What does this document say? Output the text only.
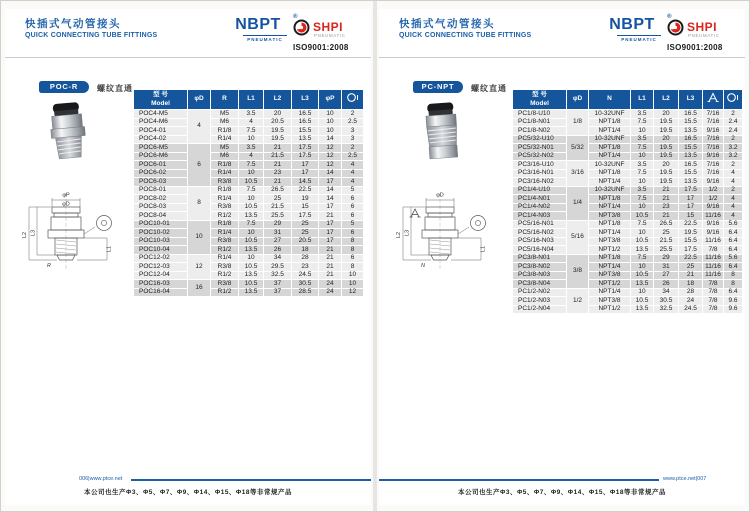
快插式气动管接头
QUICK CONNECTING TUBE FITTINGS
NBPT ®
PNEUMATIC
SHPI
PNEUMATIC
ISO9001:2008
POC-R	螺纹直通
φP
φD
L2 L3
L1
R
型 号
Model	φD	R	L1	L2	L3	φP	
POC4-M5	4	M5	3.5	20	16.5	10	2
POC4-M6		M6	4	20.5	16.5	10	2.5
POC4-01		R1/8	7.5	19.5	15.5	10	3
POC4-02		R1/4	10	19.5	13.5	14	3
POC6-M5	6	M5	3.5	21	17.5	12	2
POC6-M6		M6	4	21.5	17.5	12	2.5
POC6-01		R1/8	7.5	21	17	12	4
POC6-02		R1/4	10	23	17	14	4
POC6-03		R3/8	10.5	21	14.5	17	4
POC8-01	8	R1/8	7.5	26.5	22.5	14	5
POC8-02		R1/4	10	25	19	14	6
POC8-03		R3/8	10.5	21.5	15	17	6
POC8-04		R1/2	13.5	25.5	17.5	21	6
POC10-01	10	R1/8	7.5	29	25	17	5
POC10-02		R1/4	10	31	25	17	6
POC10-03		R3/8	10.5	27	20.5	17	8
POC10-04		R1/2	13.5	26	18	21	8
POC12-02	12	R1/4	10	34	28	21	6
POC12-03		R3/8	10.5	29.5	23	21	8
POC12-04		R1/2	13.5	32.5	24.5	21	10
POC16-03	16	R3/8	10.5	37	30.5	24	10
POC16-04		R1/2	13.5	37	28.5	24	12
006|www.ptce.net
本公司也生产Φ3、Φ5、Φ7、Φ9、Φ14、Φ15、Φ18等非常规产品
快插式气动管接头
QUICK CONNECTING TUBE FITTINGS
NBPT ®
PNEUMATIC
SHPI
PNEUMATIC
ISO9001:2008
PC-NPT	螺纹直通
φD
L2 L3
L1
N
型 号
Model	φD	N	L1	L2	L3		
PC1/8-U10	1/8	10-32UNF	3.5	20	16.5	7/16	2
PC1/8-N01		NPT1/8	7.5	19.5	15.5	7/16	2.4
PC1/8-N02		NPT1/4	10	19.5	13.5	9/16	2.4
PC5/32-U10	5/32	10-32UNF	3.5	20	16.5	7/16	2
PC5/32-N01		NPT1/8	7.5	19.5	15.5	7/16	3.2
PC5/32-N02		NPT1/4	10	19.5	13.5	9/16	3.2
PC3/16-U10	3/16	10-32UNF	3.5	20	16.5	7/16	2
PC3/16-N01		NPT1/8	7.5	19.5	15.5	7/16	4
PC3/16-N02		NPT1/4	10	19.5	13.5	9/16	4
PC1/4-U10	1/4	10-32UNF	3.5	21	17.5	1/2	2
PC1/4-N01		NPT1/8	7.5	21	17	1/2	4
PC1/4-N02		NPT1/4	10	23	17	9/16	4
PC1/4-N03		NPT3/8	10.5	21	15	11/16	4
PC5/16-N01	5/16	NPT1/8	7.5	26.5	22.5	9/16	5.6
PC5/16-N02		NPT1/4	10	25	19.5	9/16	6.4
PC5/16-N03		NPT3/8	10.5	21.5	15.5	11/16	6.4
PC5/16-N04		NPT1/2	13.5	25.5	17.5	7/8	6.4
PC3/8-N01	3/8	NPT1/8	7.5	29	22.5	11/16	5.6
PC3/8-N02		NPT1/4	10	31	25	11/16	6.4
PC3/8-N03		NPT3/8	10.5	27	21	11/16	8
PC3/8-N04		NPT1/2	13.5	26	18	7/8	8
PC1/2-N02	1/2	NPT1/4	10	34	28	7/8	6.4
PC1/2-N03		NPT3/8	10.5	30.5	24	7/8	9.6
PC1/2-N04		NPT1/2	13.5	32.5	24.5	7/8	9.6
www.ptce.net|007
本公司也生产Φ3、Φ5、Φ7、Φ9、Φ14、Φ15、Φ18等非常规产品
